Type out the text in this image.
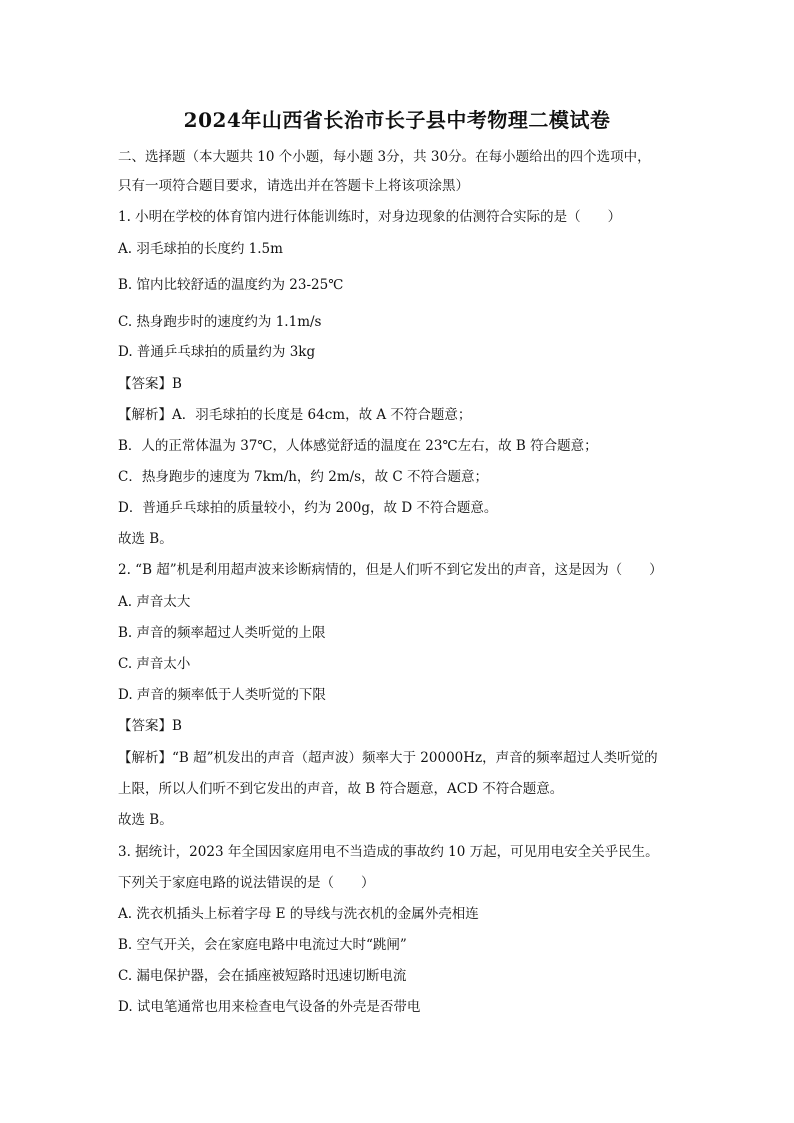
2024年山西省长治市长子县中考物理二模试卷
二、选择题（本大题共 10 个小题，每小题 3分，共 30分。在每小题给出的四个选项中，
只有一项符合题目要求，请选出并在答题卡上将该项涂黑）
1. 小明在学校的体育馆内进行体能训练时，对身边现象的估测符合实际的是（　　）
A. 羽毛球拍的长度约 1.5m
B. 馆内比较舒适的温度约为 23-25℃
C. 热身跑步时的速度约为 1.1m/s
D. 普通乒乓球拍的质量约为 3kg
【答案】B
【解析】A．羽毛球拍的长度是 64cm，故 A 不符合题意；
B．人的正常体温为 37℃，人体感觉舒适的温度在 23℃左右，故 B 符合题意；
C．热身跑步的速度为 7km/h，约 2m/s，故 C 不符合题意；
D．普通乒乓球拍的质量较小，约为 200g，故 D 不符合题意。
故选 B。
2. “B 超”机是利用超声波来诊断病情的，但是人们听不到它发出的声音，这是因为（　　）
A. 声音太大
B. 声音的频率超过人类听觉的上限
C. 声音太小
D. 声音的频率低于人类听觉的下限
【答案】B
【解析】“B 超”机发出的声音（超声波）频率大于 20000Hz，声音的频率超过人类听觉的
上限，所以人们听不到它发出的声音，故 B 符合题意，ACD 不符合题意。
故选 B。
3. 据统计，2023 年全国因家庭用电不当造成的事故约 10 万起，可见用电安全关乎民生。
下列关于家庭电路的说法错误的是（　　）
A. 洗衣机插头上标着字母 E 的导线与洗衣机的金属外壳相连
B. 空气开关，会在家庭电路中电流过大时“跳闸”
C. 漏电保护器，会在插座被短路时迅速切断电流
D. 试电笔通常也用来检查电气设备的外壳是否带电
